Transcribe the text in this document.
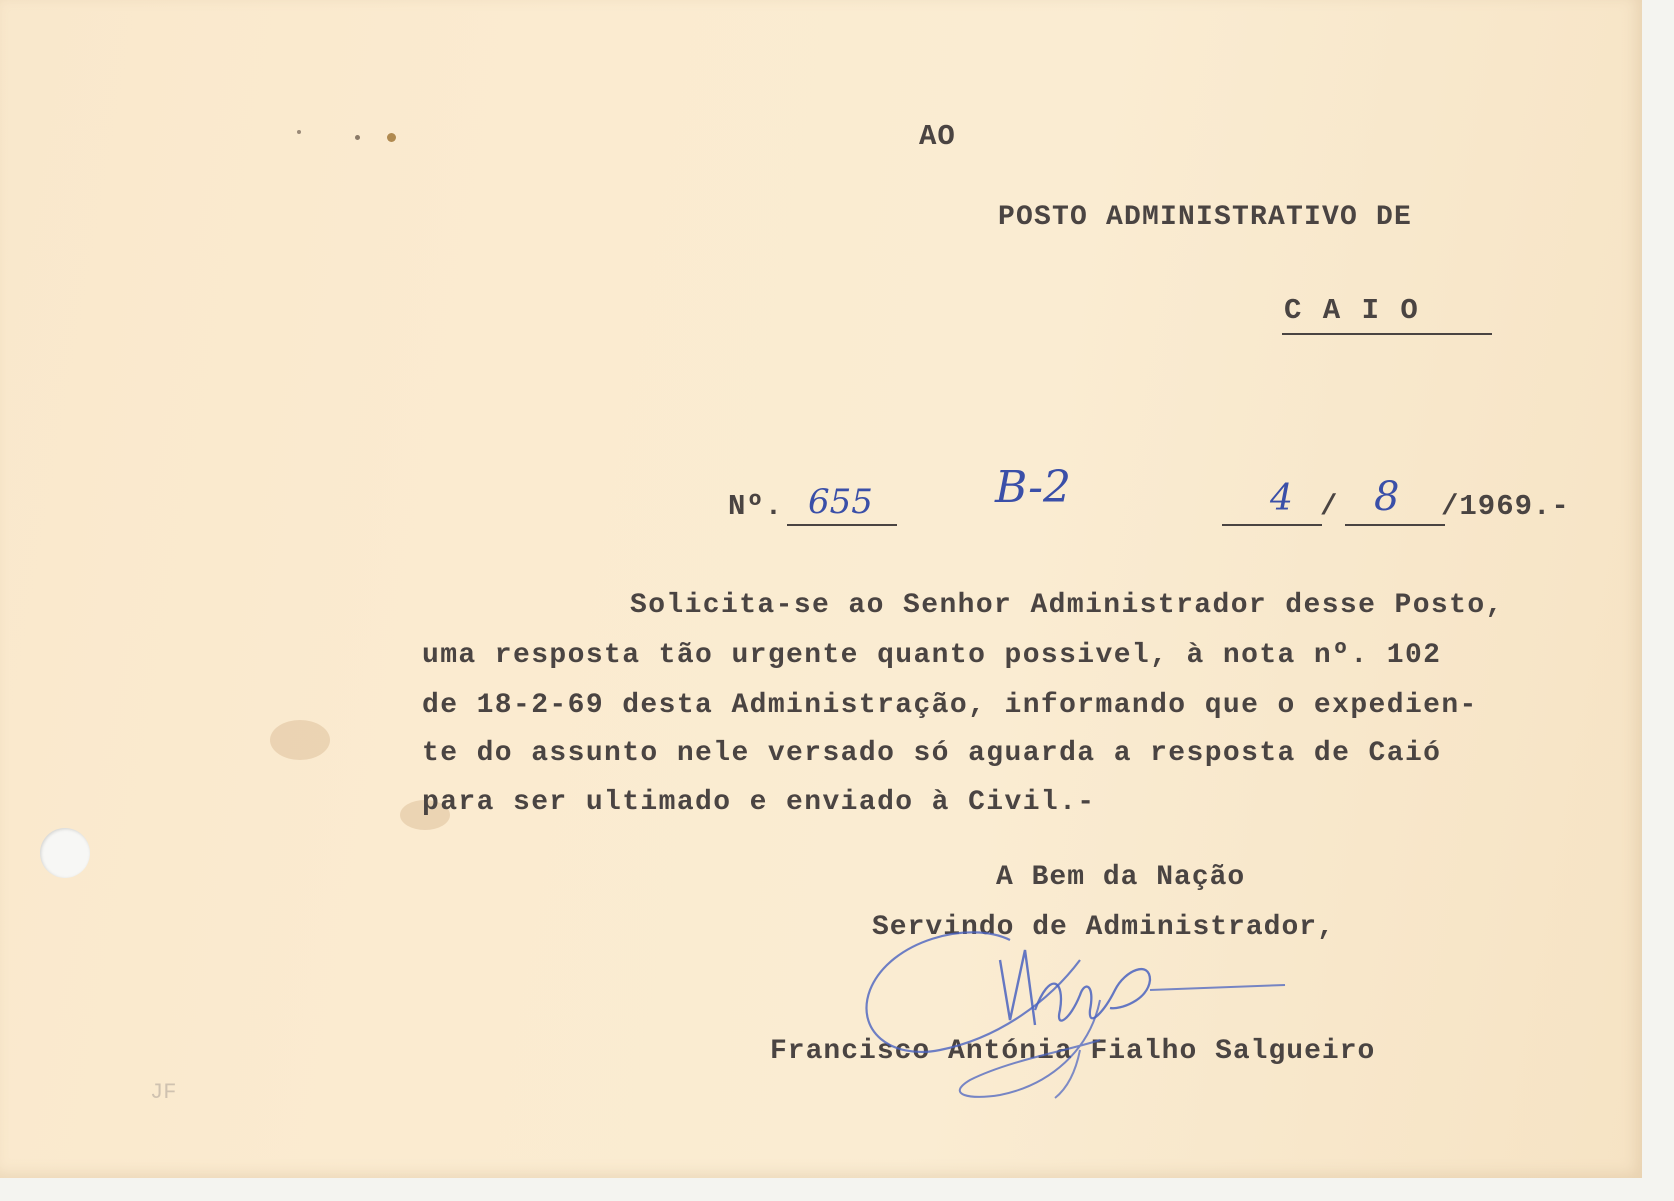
AO
POSTO ADMINISTRATIVO DE
C A I O
Nº. 655	B-2	4 / 8 /1969.-
Solicita-se ao Senhor Administrador desse Posto,
uma resposta tão urgente quanto possivel, à nota nº. 102
de 18-2-69 desta Administração, informando que o expedien-
te do assunto nele versado só aguarda a resposta de Caió
para ser ultimado e enviado à Civil.-
A Bem da Nação
Servindo de Administrador,
Francisco Antónia Fialho Salgueiro
JF
